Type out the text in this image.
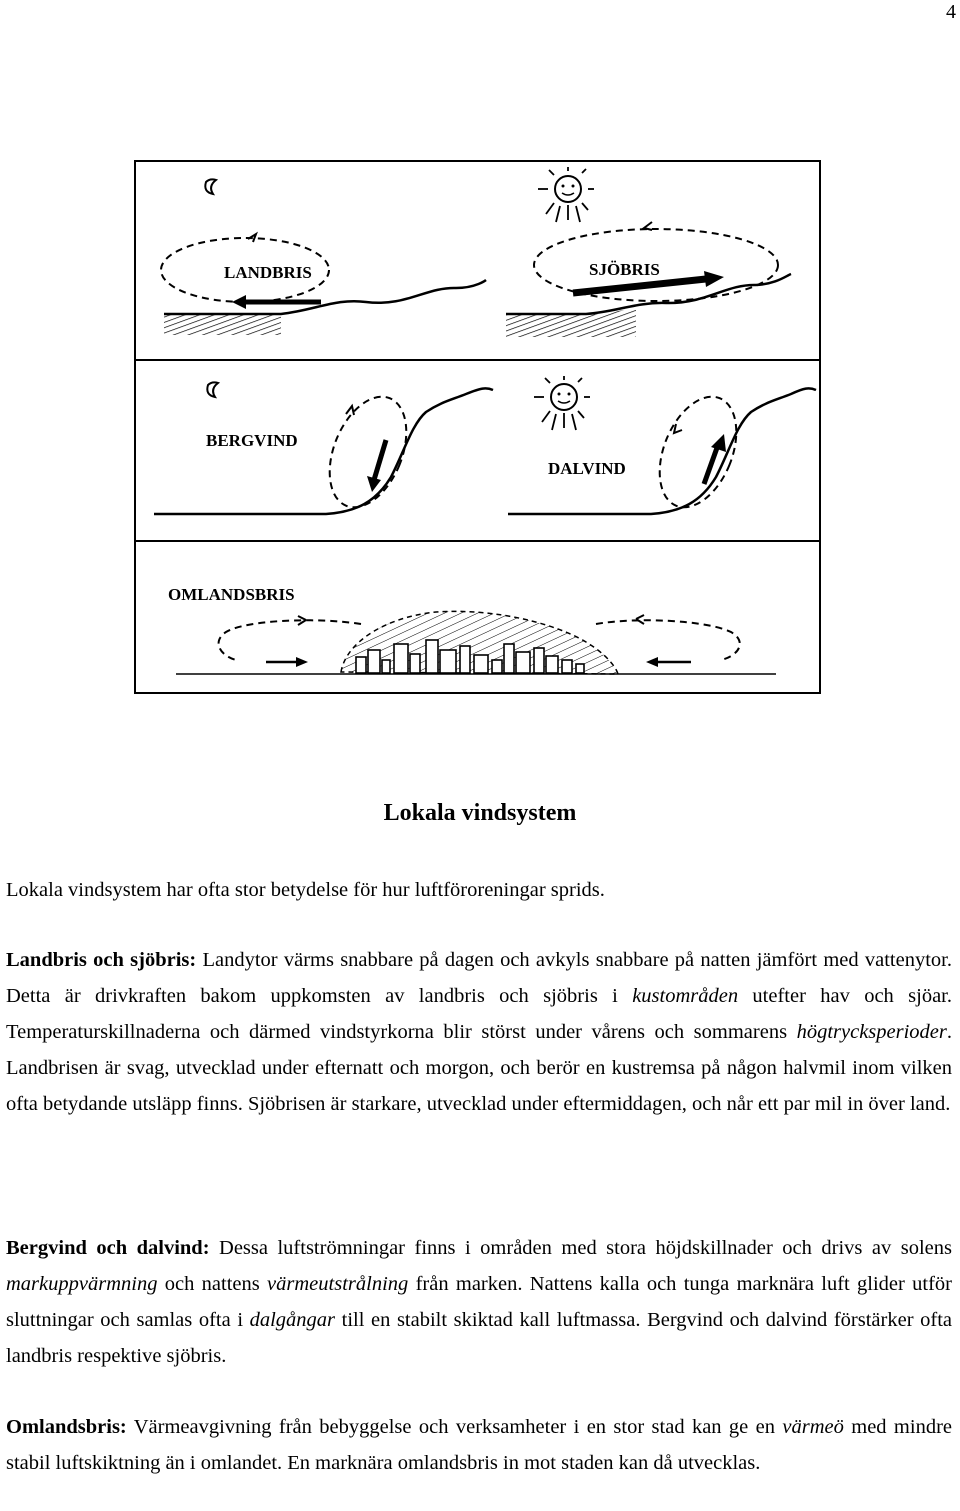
4
LANDBRIS	SJÖBRIS
BERGVIND
DALVIND
OMLANDSBRIS
Lokala vindsystem

Lokala vindsystem har ofta stor betydelse för hur luftföroreningar sprids.

Landbris och sjöbris: Landytor värms snabbare på dagen och avkyls snabbare på natten jämfört med vattenytor. Detta är drivkraften bakom uppkomsten av landbris och sjöbris i kustområden utefter hav och sjöar. Temperaturskillnaderna och därmed vindstyrkorna blir störst under vårens och sommarens högtrycksperioder. Landbrisen är svag, utvecklad under efternatt och morgon, och berör en kustremsa på någon halvmil inom vilken ofta betydande utsläpp finns. Sjöbrisen är starkare, utvecklad under eftermiddagen, och når ett par mil in över land.

Bergvind och dalvind: Dessa luftströmningar finns i områden med stora höjdskillnader och drivs av solens markuppvärmning och nattens värmeutstrålning från marken. Nattens kalla och tunga marknära luft glider utför sluttningar och samlas ofta i dalgångar till en stabilt skiktad kall luftmassa. Bergvind och dalvind förstärker ofta landbris respektive sjöbris.

Omlandsbris: Värmeavgivning från bebyggelse och verksamheter i en stor stad kan ge en värmeö med mindre stabil luftskiktning än i omlandet. En marknära omlandsbris in mot staden kan då utvecklas.
